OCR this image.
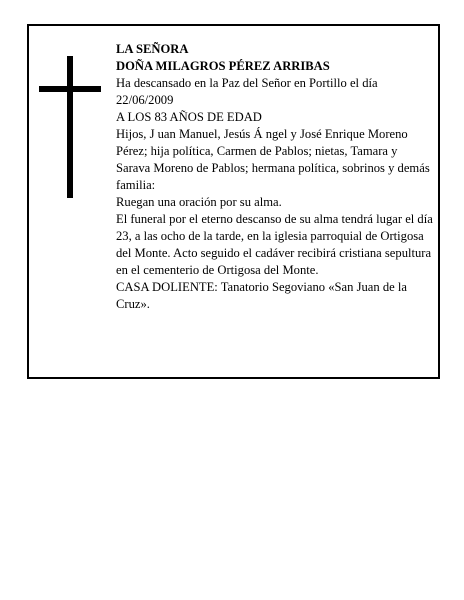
LA SEÑORA
DOÑA MILAGROS PÉREZ ARRIBAS
Ha descansado en la Paz del Señor en Portillo el día 22/06/2009
A LOS 83 AÑOS DE EDAD
Hijos, J uan Manuel, Jesús Á ngel y José Enrique Moreno Pérez; hija política, Carmen de Pablos; nietas, Tamara y Sarava Moreno de Pablos; hermana política, sobrinos y demás familia:
Ruegan una oración por su alma.
El funeral por el eterno descanso de su alma tendrá lugar el día 23, a las ocho de la tarde, en la iglesia parroquial de Ortigosa del Monte. Acto seguido el cadáver recibirá cristiana sepultura en el cementerio de Ortigosa del Monte.
CASA DOLIENTE: Tanatorio Segoviano «San Juan de la Cruz».
